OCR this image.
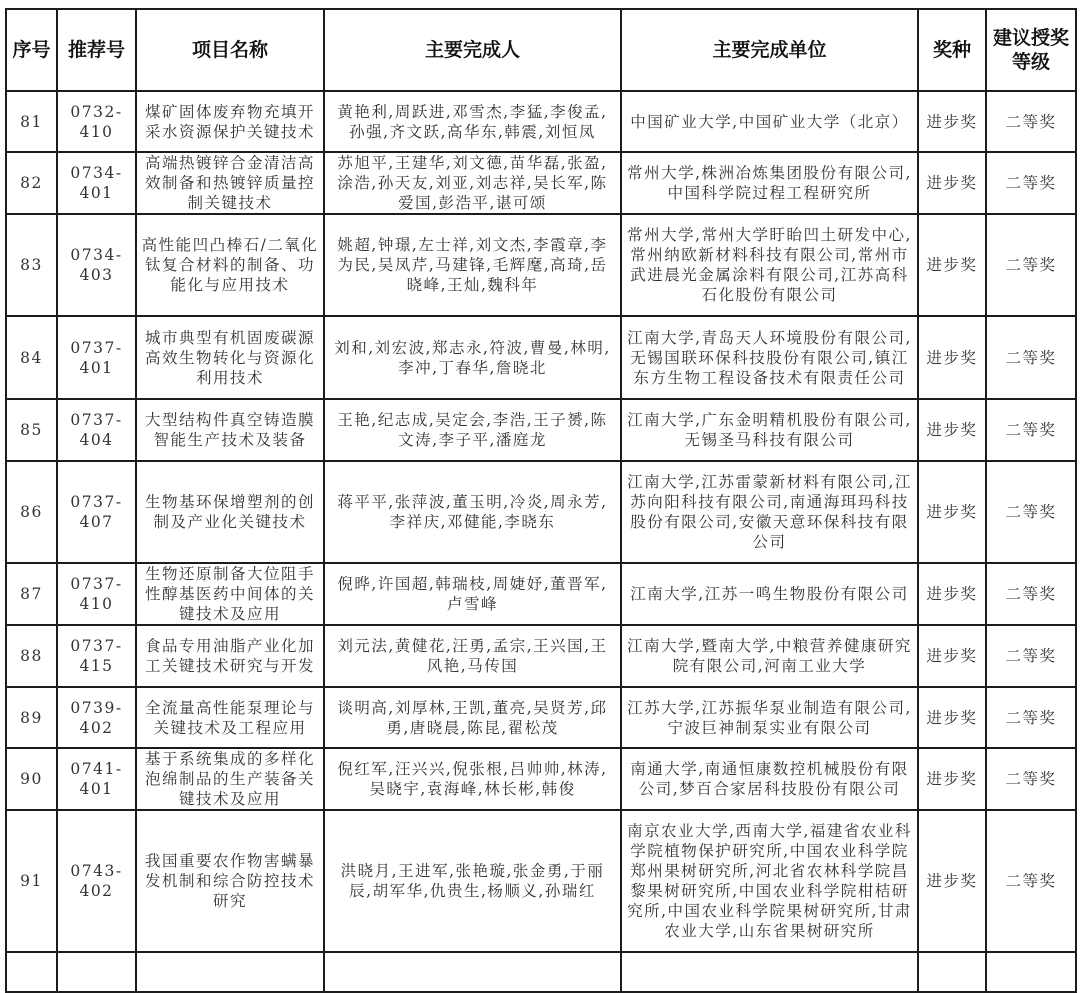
序号	推荐号	项目名称	主要完成人	主要完成单位	奖种	建议授奖等级
81	0732-410	煤矿固体废弃物充填开采水资源保护关键技术	黄艳利,周跃进,邓雪杰,李猛,李俊孟,孙强,齐文跃,高华东,韩震,刘恒凤	中国矿业大学,中国矿业大学（北京）	进步奖	二等奖
82	0734-401	高端热镀锌合金清洁高效制备和热镀锌质量控制关键技术	苏旭平,王建华,刘文德,苗华磊,张盈,涂浩,孙天友,刘亚,刘志祥,吴长军,陈爱国,彭浩平,谌可颂	常州大学,株洲冶炼集团股份有限公司,中国科学院过程工程研究所	进步奖	二等奖
83	0734-403	高性能凹凸棒石/二氧化钛复合材料的制备、功能化与应用技术	姚超,钟璟,左士祥,刘文杰,李霞章,李为民,吴凤芹,马建锋,毛辉麾,高琦,岳晓峰,王灿,魏科年	常州大学,常州大学盱眙凹土研发中心,常州纳欧新材料科技有限公司,常州市武进晨光金属涂料有限公司,江苏高科石化股份有限公司	进步奖	二等奖
84	0737-401	城市典型有机固废碳源高效生物转化与资源化利用技术	刘和,刘宏波,郑志永,符波,曹曼,林明,李冲,丁春华,詹晓北	江南大学,青岛天人环境股份有限公司,无锡国联环保科技股份有限公司,镇江东方生物工程设备技术有限责任公司	进步奖	二等奖
85	0737-404	大型结构件真空铸造膜智能生产技术及装备	王艳,纪志成,吴定会,李浩,王子赟,陈文涛,李子平,潘庭龙	江南大学,广东金明精机股份有限公司,无锡圣马科技有限公司	进步奖	二等奖
86	0737-407	生物基环保增塑剂的创制及产业化关键技术	蒋平平,张萍波,董玉明,冷炎,周永芳,李祥庆,邓健能,李晓东	江南大学,江苏雷蒙新材料有限公司,江苏向阳科技有限公司,南通海珥玛科技股份有限公司,安徽天意环保科技有限公司	进步奖	二等奖
87	0737-410	生物还原制备大位阻手性醇基医药中间体的关键技术及应用	倪晔,许国超,韩瑞枝,周婕妤,董晋军,卢雪峰	江南大学,江苏一鸣生物股份有限公司	进步奖	二等奖
88	0737-415	食品专用油脂产业化加工关键技术研究与开发	刘元法,黄健花,汪勇,孟宗,王兴国,王风艳,马传国	江南大学,暨南大学,中粮营养健康研究院有限公司,河南工业大学	进步奖	二等奖
89	0739-402	全流量高性能泵理论与关键技术及工程应用	谈明高,刘厚林,王凯,董亮,吴贤芳,邱勇,唐晓晨,陈昆,翟松茂	江苏大学,江苏振华泵业制造有限公司,宁波巨神制泵实业有限公司	进步奖	二等奖
90	0741-401	基于系统集成的多样化泡绵制品的生产装备关键技术及应用	倪红军,汪兴兴,倪张根,吕帅帅,林涛,吴晓宇,袁海峰,林长彬,韩俊	南通大学,南通恒康数控机械股份有限公司,梦百合家居科技股份有限公司	进步奖	二等奖
91	0743-402	我国重要农作物害螨暴发机制和综合防控技术研究	洪晓月,王进军,张艳璇,张金勇,于丽辰,胡军华,仇贵生,杨顺义,孙瑞红	南京农业大学,西南大学,福建省农业科学院植物保护研究所,中国农业科学院郑州果树研究所,河北省农林科学院昌黎果树研究所,中国农业科学院柑桔研究所,中国农业科学院果树研究所,甘肃农业大学,山东省果树研究所	进步奖	二等奖
